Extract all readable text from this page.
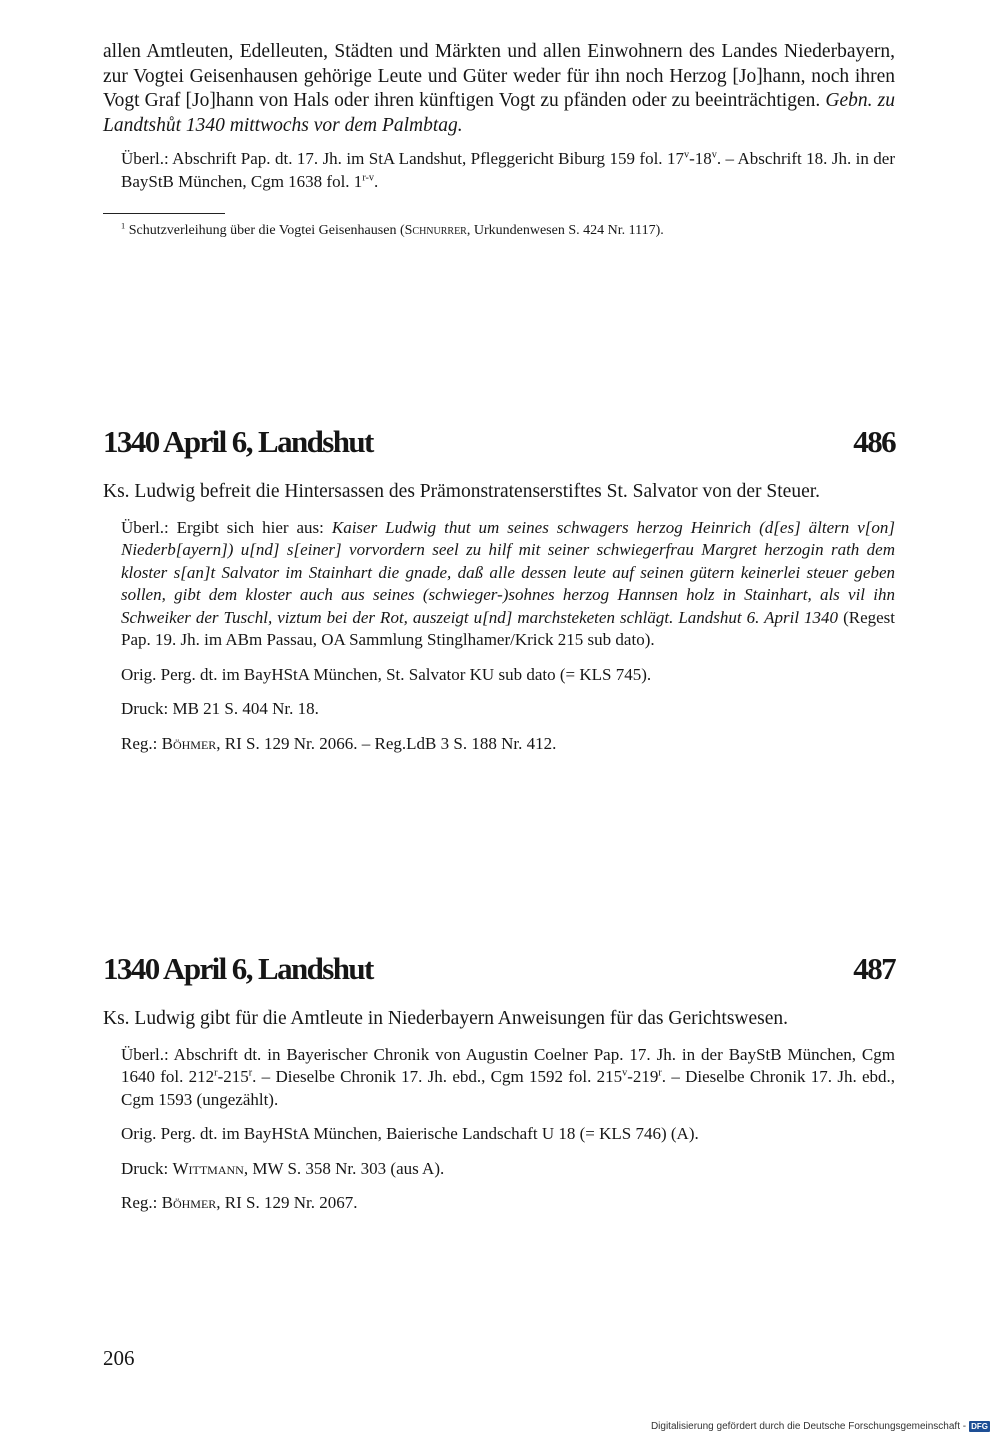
allen Amtleuten, Edelleuten, Städten und Märkten und allen Einwohnern des Landes Niederbayern, zur Vogtei Geisenhausen gehörige Leute und Güter weder für ihn noch Herzog [Jo]hann, noch ihren Vogt Graf [Jo]hann von Hals oder ihren künftigen Vogt zu pfänden oder zu beeinträchtigen. Gebn. zu Landtshůt 1340 mittwochs vor dem Palmbtag.

Überl.: Abschrift Pap. dt. 17. Jh. im StA Landshut, Pfleggericht Biburg 159 fol. 17$^v$-18$^v$. – Abschrift 18. Jh. in der BayStB München, Cgm 1638 fol. 1$^{r-v}$.

$^1$ Schutzverleihung über die Vogtei Geisenhausen (Schnurrer, Urkundenwesen S. 424 Nr. 1117).

1340 April 6, Landshut	486

Ks. Ludwig befreit die Hintersassen des Prämonstratenserstiftes St. Salvator von der Steuer.

Überl.: Ergibt sich hier aus: Kaiser Ludwig thut um seines schwagers herzog Heinrich (d[es] ältern v[on] Niederb[ayern]) u[nd] s[einer] vorvordern seel zu hilf mit seiner schwiegerfrau Margret herzogin rath dem kloster s[an]t Salvator im Stainhart die gnade, daß alle dessen leute auf seinen gütern keinerlei steuer geben sollen, gibt dem kloster auch aus seines (schwieger-)sohnes herzog Hannsen holz in Stainhart, als vil ihn Schweiker der Tuschl, viztum bei der Rot, auszeigt u[nd] marchsteketen schlägt. Landshut 6. April 1340 (Regest Pap. 19. Jh. im ABm Passau, OA Sammlung Stinglhamer/Krick 215 sub dato).

Orig. Perg. dt. im BayHStA München, St. Salvator KU sub dato (= KLS 745).

Druck: MB 21 S. 404 Nr. 18.

Reg.: Böhmer, RI S. 129 Nr. 2066. – Reg.LdB 3 S. 188 Nr. 412.

1340 April 6, Landshut	487

Ks. Ludwig gibt für die Amtleute in Niederbayern Anweisungen für das Gerichtswesen.

Überl.: Abschrift dt. in Bayerischer Chronik von Augustin Coelner Pap. 17. Jh. in der BayStB München, Cgm 1640 fol. 212$^r$-215$^r$. – Dieselbe Chronik 17. Jh. ebd., Cgm 1592 fol. 215$^v$-219$^r$. – Dieselbe Chronik 17. Jh. ebd., Cgm 1593 (ungezählt).

Orig. Perg. dt. im BayHStA München, Baierische Landschaft U 18 (= KLS 746) (A).

Druck: Wittmann, MW S. 358 Nr. 303 (aus A).

Reg.: Böhmer, RI S. 129 Nr. 2067.

206
Digitalisierung gefördert durch die Deutsche Forschungsgemeinschaft - DFG
